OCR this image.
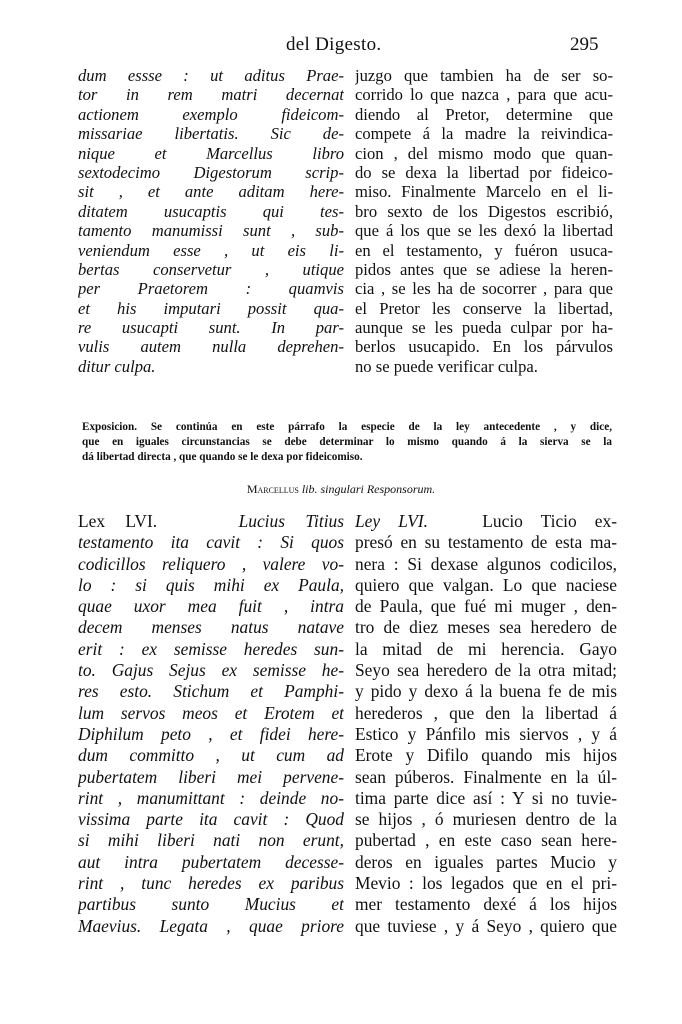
del Digesto.	295
dum essse : ut aditus Prae-
tor in rem matri decernat
actionem exemplo fideicom-
missariae libertatis. Sic de-
nique et Marcellus libro
sextodecimo Digestorum scrip-
sit , et ante aditam here-
ditatem usucaptis qui tes-
tamento manumissi sunt , sub-
veniendum esse , ut eis li-
bertas conservetur , utique
per Praetorem : quamvis
et his imputari possit qua-
re usucapti sunt. In par-
vulis autem nulla deprehen-
ditur culpa.
juzgo que tambien ha de ser so-
corrido lo que nazca , para que acu-
diendo al Pretor, determine que
compete á la madre la reivindica-
cion , del mismo modo que quan-
do se dexa la libertad por fideico-
miso. Finalmente Marcelo en el li-
bro sexto de los Digestos escribió,
que á los que se les dexó la libertad
en el testamento, y fuéron usuca-
pidos antes que se adiese la heren-
cia , se les ha de socorrer , para que
el Pretor les conserve la libertad,
aunque se les pueda culpar por ha-
berlos usucapido. En los párvulos
no se puede verificar culpa.
Exposicion. Se continúa en este párrafo la especie de la ley antecedente , y dice,
que en iguales circunstancias se debe determinar lo mismo quando á la sierva se la
dá libertad directa , que quando se le dexa por fideicomiso.
Marcellus lib. singulari Responsorum.
Lex LVI.	Lucius Titius
testamento ita cavit : Si quos
codicillos reliquero , valere vo-
lo : si quis mihi ex Paula,
quae uxor mea fuit , intra
decem menses natus natave
erit : ex semisse heredes sun-
to. Gajus Sejus ex semisse he-
res esto. Stichum et Pamphi-
lum servos meos et Erotem et
Diphilum peto , et fidei here-
dum committo , ut cum ad
pubertatem liberi mei pervene-
rint , manumittant : deinde no-
vissima parte ita cavit : Quod
si mihi liberi nati non erunt,
aut intra pubertatem decesse-
rint , tunc heredes ex paribus
partibus sunto Mucius et
Maevius. Legata , quae priore
Ley LVI.	Lucio Ticio ex-
presó en su testamento de esta ma-
nera : Si dexase algunos codicilos,
quiero que valgan. Lo que naciese
de Paula, que fué mi muger , den-
tro de diez meses sea heredero de
la mitad de mi herencia. Gayo
Seyo sea heredero de la otra mitad;
y pido y dexo á la buena fe de mis
herederos , que den la libertad á
Estico y Pánfilo mis siervos , y á
Erote y Difilo quando mis hijos
sean púberos. Finalmente en la úl-
tima parte dice así : Y si no tuvie-
se hijos , ó muriesen dentro de la
pubertad , en este caso sean here-
deros en iguales partes Mucio y
Mevio : los legados que en el pri-
mer testamento dexé á los hijos
que tuviese , y á Seyo , quiero que
